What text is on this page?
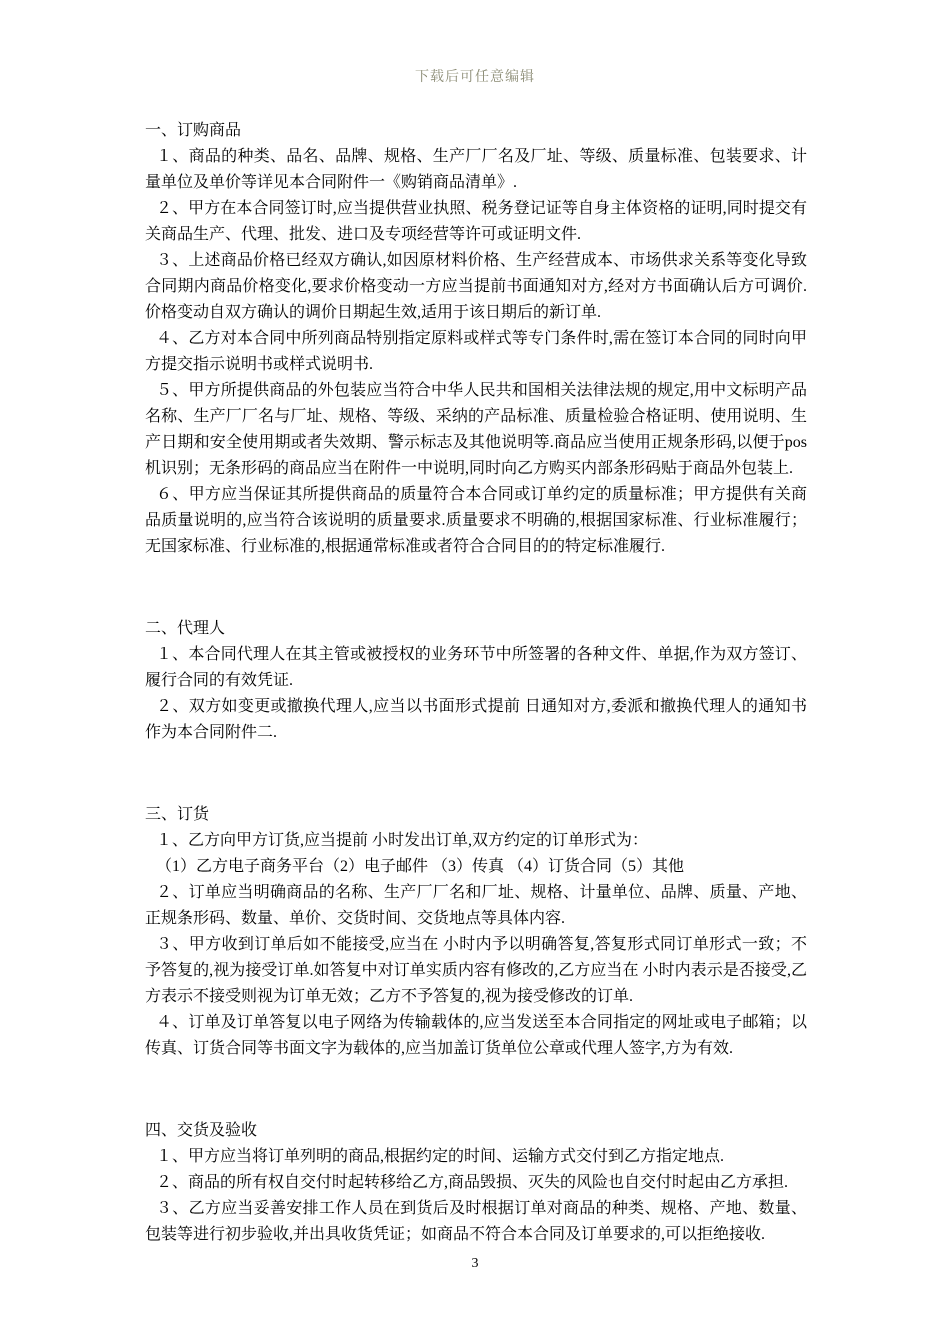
下载后可任意编辑
一、订购商品

１、商品的种类、品名、品牌、规格、生产厂厂名及厂址、等级、质量标准、包装要求、计量单位及单价等详见本合同附件一《购销商品清单》.

２、甲方在本合同签订时,应当提供营业执照、税务登记证等自身主体资格的证明,同时提交有关商品生产、代理、批发、进口及专项经营等许可或证明文件.

３、上述商品价格已经双方确认,如因原材料价格、生产经营成本、市场供求关系等变化导致合同期内商品价格变化,要求价格变动一方应当提前书面通知对方,经对方书面确认后方可调价.价格变动自双方确认的调价日期起生效,适用于该日期后的新订单.

４、乙方对本合同中所列商品特别指定原料或样式等专门条件时,需在签订本合同的同时向甲方提交指示说明书或样式说明书.

５、甲方所提供商品的外包装应当符合中华人民共和国相关法律法规的规定,用中文标明产品名称、生产厂厂名与厂址、规格、等级、采纳的产品标准、质量检验合格证明、使用说明、生产日期和安全使用期或者失效期、警示标志及其他说明等.商品应当使用正规条形码,以便于pos机识别；无条形码的商品应当在附件一中说明,同时向乙方购买内部条形码贴于商品外包装上.

６、甲方应当保证其所提供商品的质量符合本合同或订单约定的质量标准；甲方提供有关商品质量说明的,应当符合该说明的质量要求.质量要求不明确的,根据国家标准、行业标准履行；无国家标准、行业标准的,根据通常标准或者符合合同目的的特定标准履行.

二、代理人

１、本合同代理人在其主管或被授权的业务环节中所签署的各种文件、单据,作为双方签订、履行合同的有效凭证.

２、双方如变更或撤换代理人,应当以书面形式提前 日通知对方,委派和撤换代理人的通知书作为本合同附件二.

三、订货

１、乙方向甲方订货,应当提前 小时发出订单,双方约定的订单形式为：

（1）乙方电子商务平台（2）电子邮件 （3）传真 （4）订货合同（5）其他

２、订单应当明确商品的名称、生产厂厂名和厂址、规格、计量单位、品牌、质量、产地、正规条形码、数量、单价、交货时间、交货地点等具体内容.

３、甲方收到订单后如不能接受,应当在 小时内予以明确答复,答复形式同订单形式一致；不予答复的,视为接受订单.如答复中对订单实质内容有修改的,乙方应当在 小时内表示是否接受,乙方表示不接受则视为订单无效；乙方不予答复的,视为接受修改的订单.

４、订单及订单答复以电子网络为传输载体的,应当发送至本合同指定的网址或电子邮箱；以传真、订货合同等书面文字为载体的,应当加盖订货单位公章或代理人签字,方为有效.

四、交货及验收

１、甲方应当将订单列明的商品,根据约定的时间、运输方式交付到乙方指定地点.

２、商品的所有权自交付时起转移给乙方,商品毁损、灭失的风险也自交付时起由乙方承担.

３、乙方应当妥善安排工作人员在到货后及时根据订单对商品的种类、规格、产地、数量、包装等进行初步验收,并出具收货凭证；如商品不符合本合同及订单要求的,可以拒绝接收.

3
